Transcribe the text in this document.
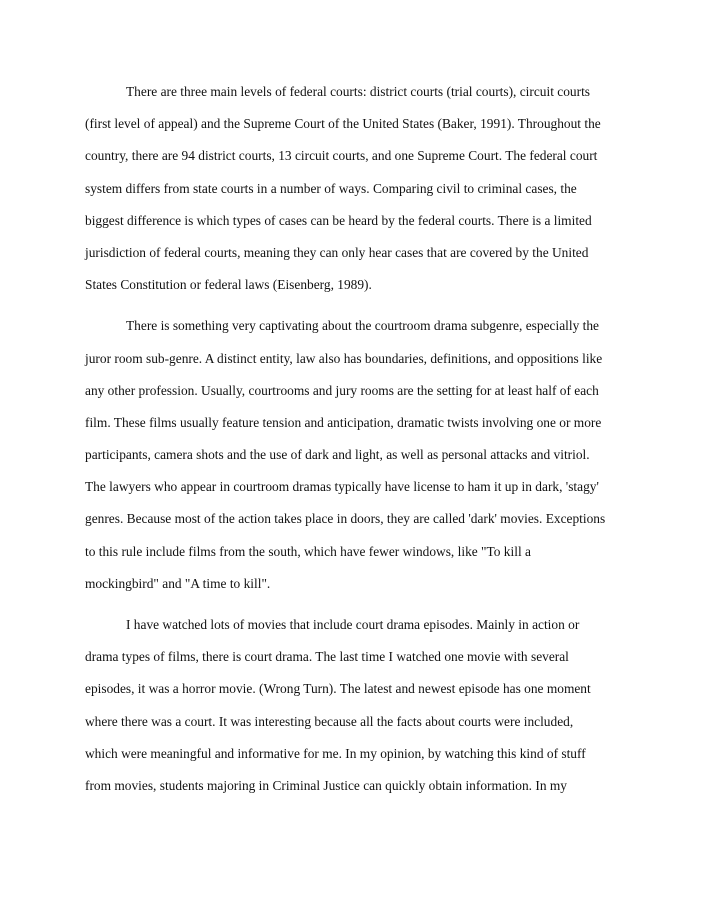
There are three main levels of federal courts: district courts (trial courts), circuit courts
(first level of appeal) and the Supreme Court of the United States (Baker, 1991). Throughout the
country, there are 94 district courts, 13 circuit courts, and one Supreme Court. The federal court
system differs from state courts in a number of ways. Comparing civil to criminal cases, the
biggest difference is which types of cases can be heard by the federal courts. There is a limited
jurisdiction of federal courts, meaning they can only hear cases that are covered by the United
States Constitution or federal laws (Eisenberg, 1989).
There is something very captivating about the courtroom drama subgenre, especially the
juror room sub-genre. A distinct entity, law also has boundaries, definitions, and oppositions like
any other profession. Usually, courtrooms and jury rooms are the setting for at least half of each
film. These films usually feature tension and anticipation, dramatic twists involving one or more
participants, camera shots and the use of dark and light, as well as personal attacks and vitriol.
The lawyers who appear in courtroom dramas typically have license to ham it up in dark, 'stagy'
genres. Because most of the action takes place in doors, they are called 'dark' movies. Exceptions
to this rule include films from the south, which have fewer windows, like "To kill a
mockingbird" and "A time to kill".
I have watched lots of movies that include court drama episodes. Mainly in action or
drama types of films, there is court drama. The last time I watched one movie with several
episodes, it was a horror movie. (Wrong Turn). The latest and newest episode has one moment
where there was a court. It was interesting because all the facts about courts were included,
which were meaningful and informative for me. In my opinion, by watching this kind of stuff
from movies, students majoring in Criminal Justice can quickly obtain information. In my
